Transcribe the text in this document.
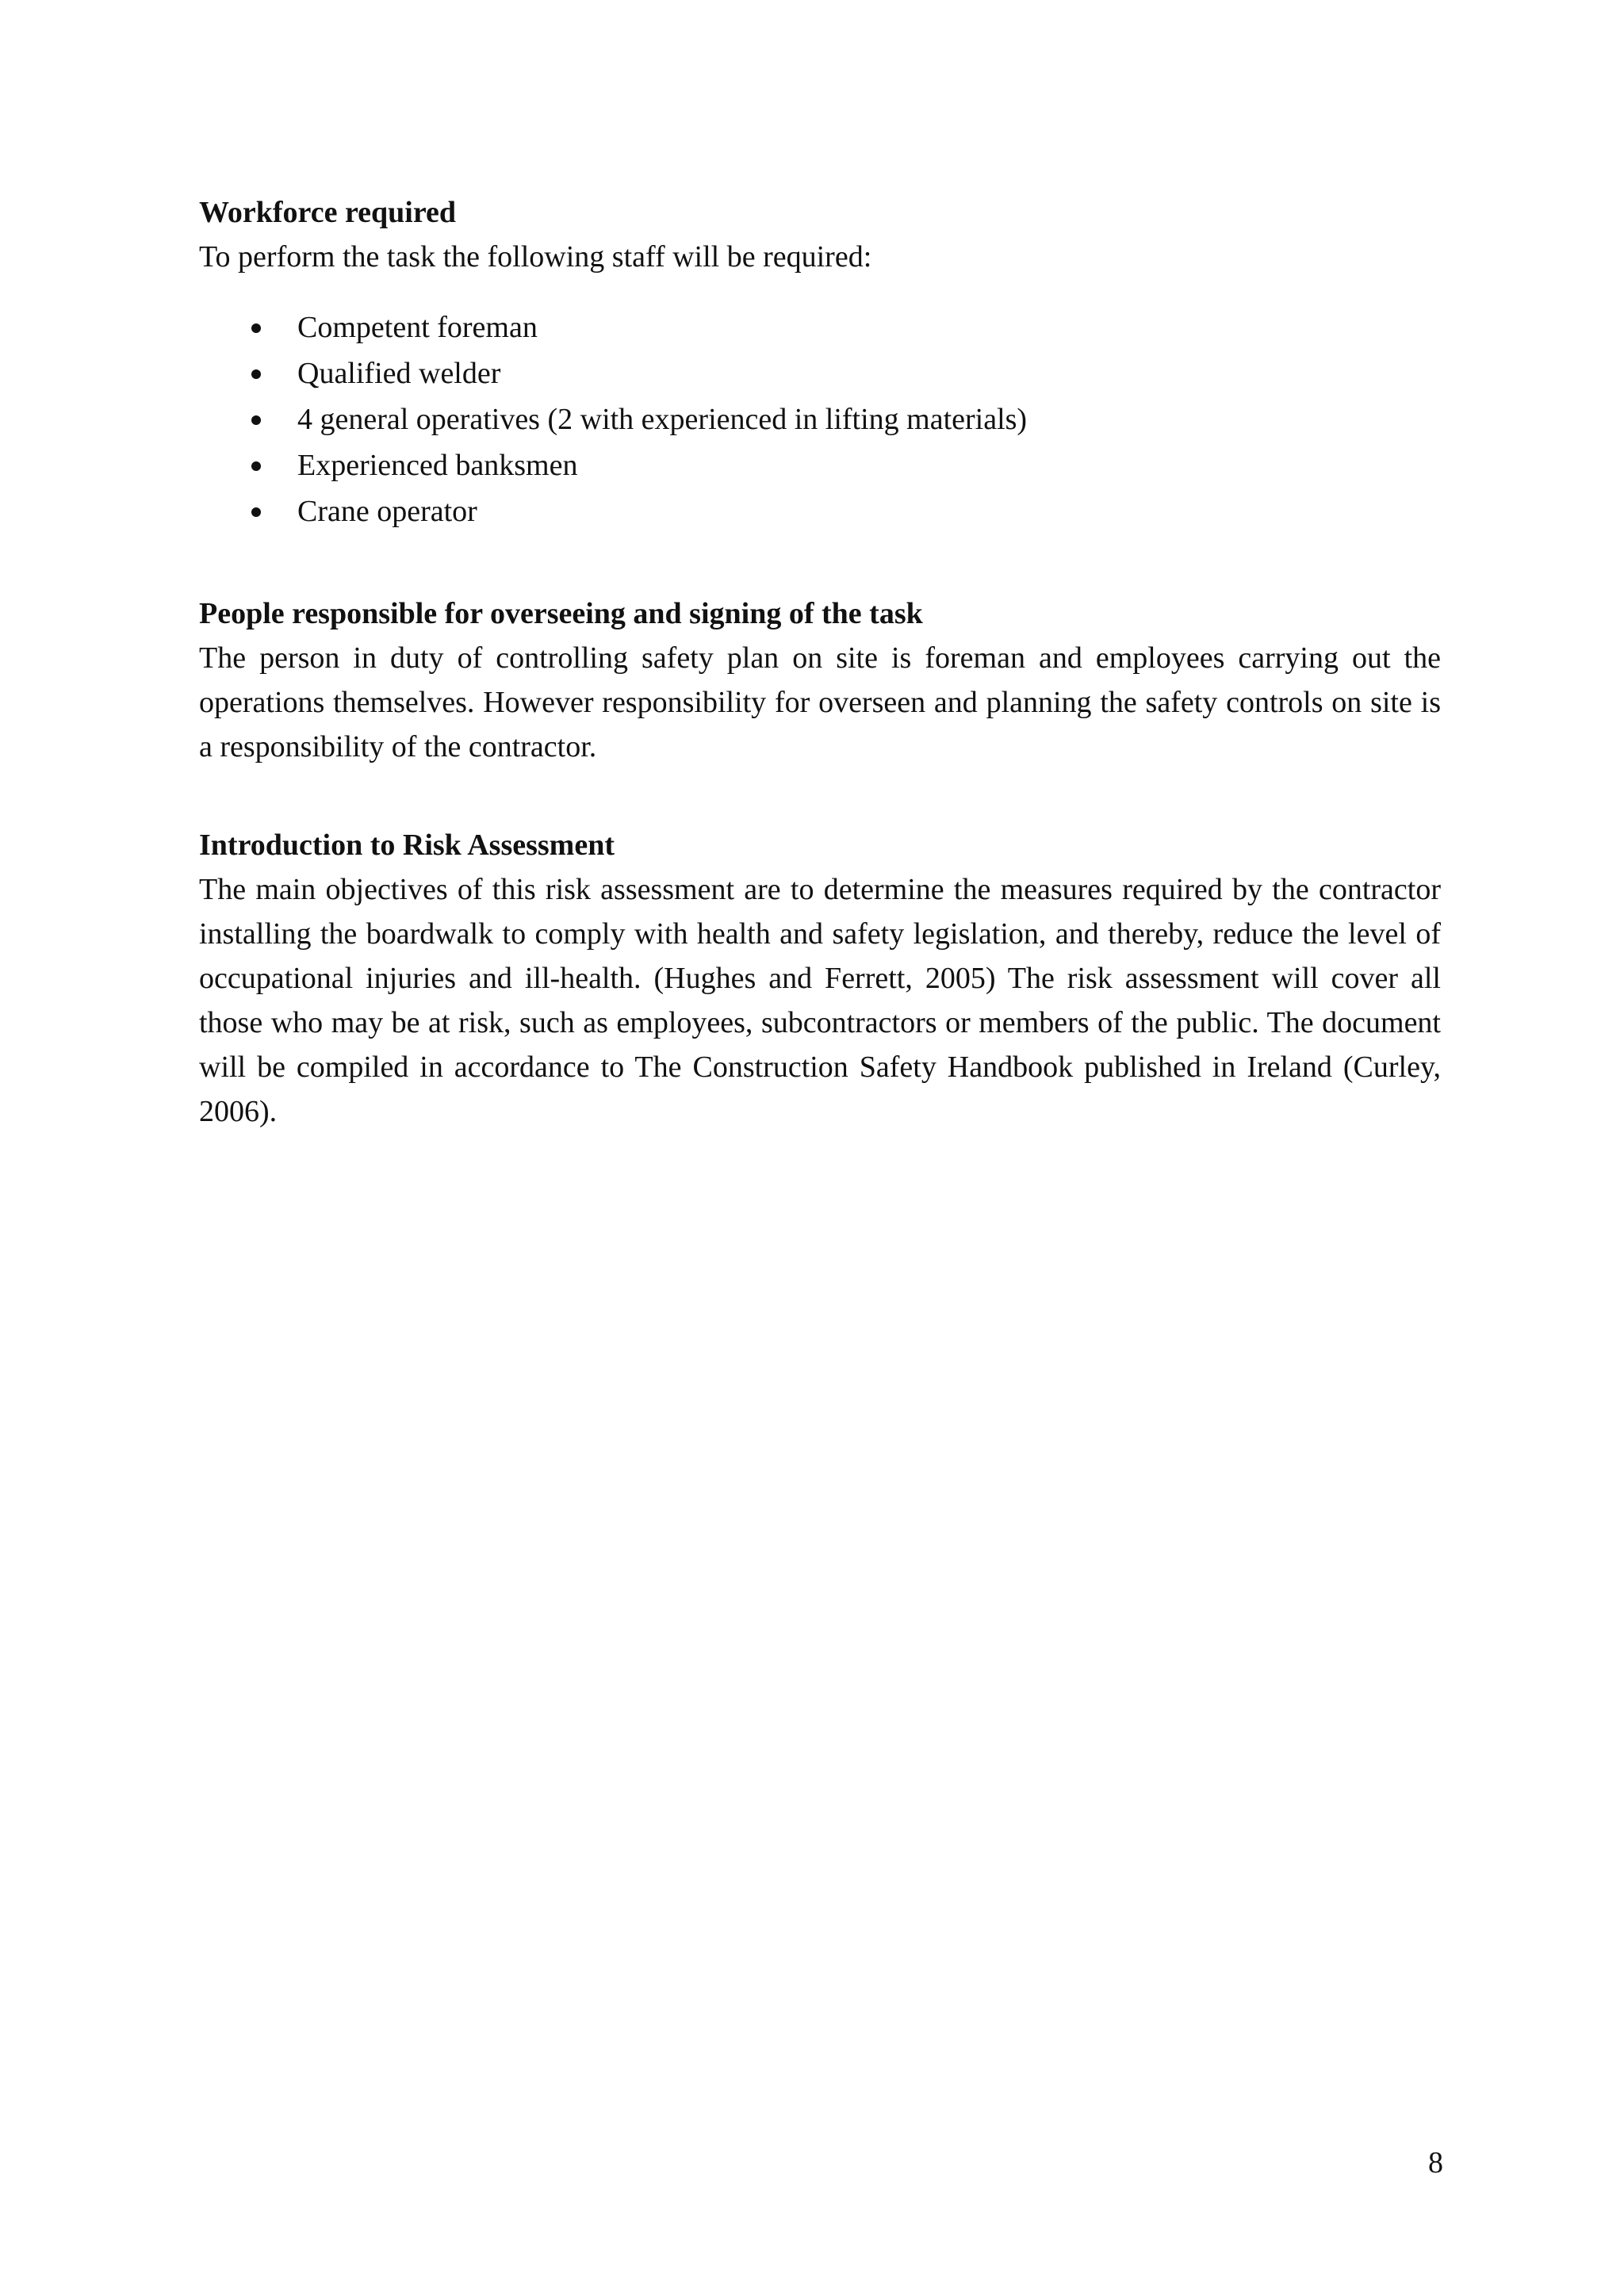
Workforce required

To perform the task the following staff will be required:

Competent foreman
Qualified welder
4 general operatives (2 with experienced in lifting materials)
Experienced banksmen
Crane operator
People responsible for overseeing and signing of the task

The person in duty of controlling safety plan on site is foreman and employees carrying out the operations themselves. However responsibility for overseen and planning the safety controls on site is a responsibility of the contractor.

Introduction to Risk Assessment

The main objectives of this risk assessment are to determine the measures required by the contractor installing the boardwalk to comply with health and safety legislation, and thereby, reduce the level of occupational injuries and ill-health. (Hughes and Ferrett, 2005) The risk assessment will cover all those who may be at risk, such as employees, subcontractors or members of the public. The document will be compiled in accordance to The Construction Safety Handbook published in Ireland (Curley, 2006).

8
